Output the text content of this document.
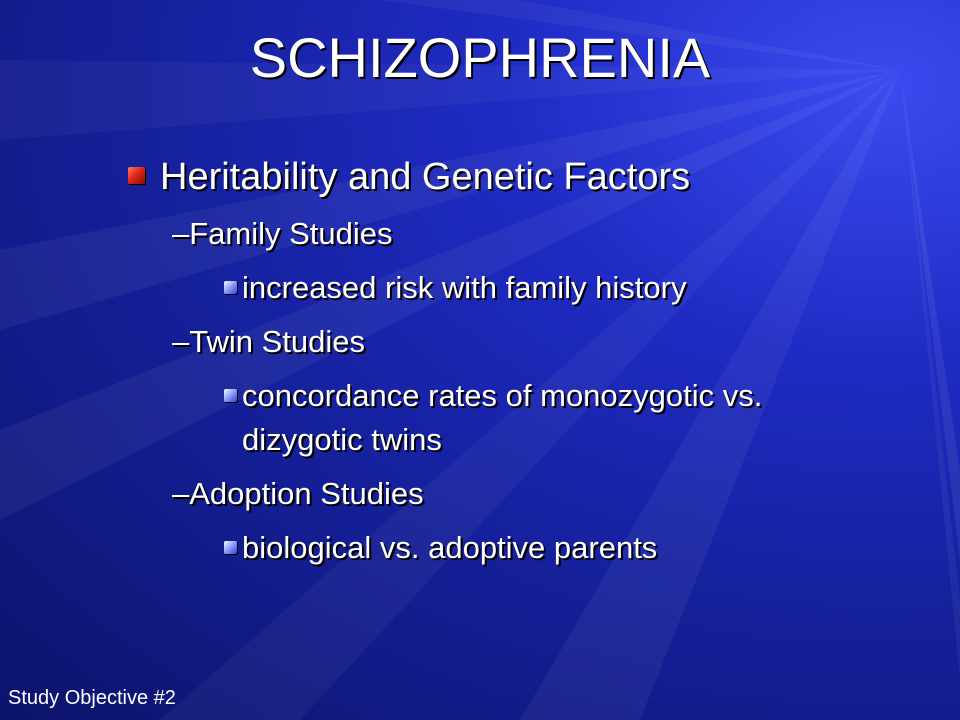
SCHIZOPHRENIA
Heritability and Genetic Factors
–Family Studies
increased risk with family history
–Twin Studies
concordance rates of monozygotic vs.
dizygotic twins
–Adoption Studies
biological vs. adoptive parents
Study Objective #2
